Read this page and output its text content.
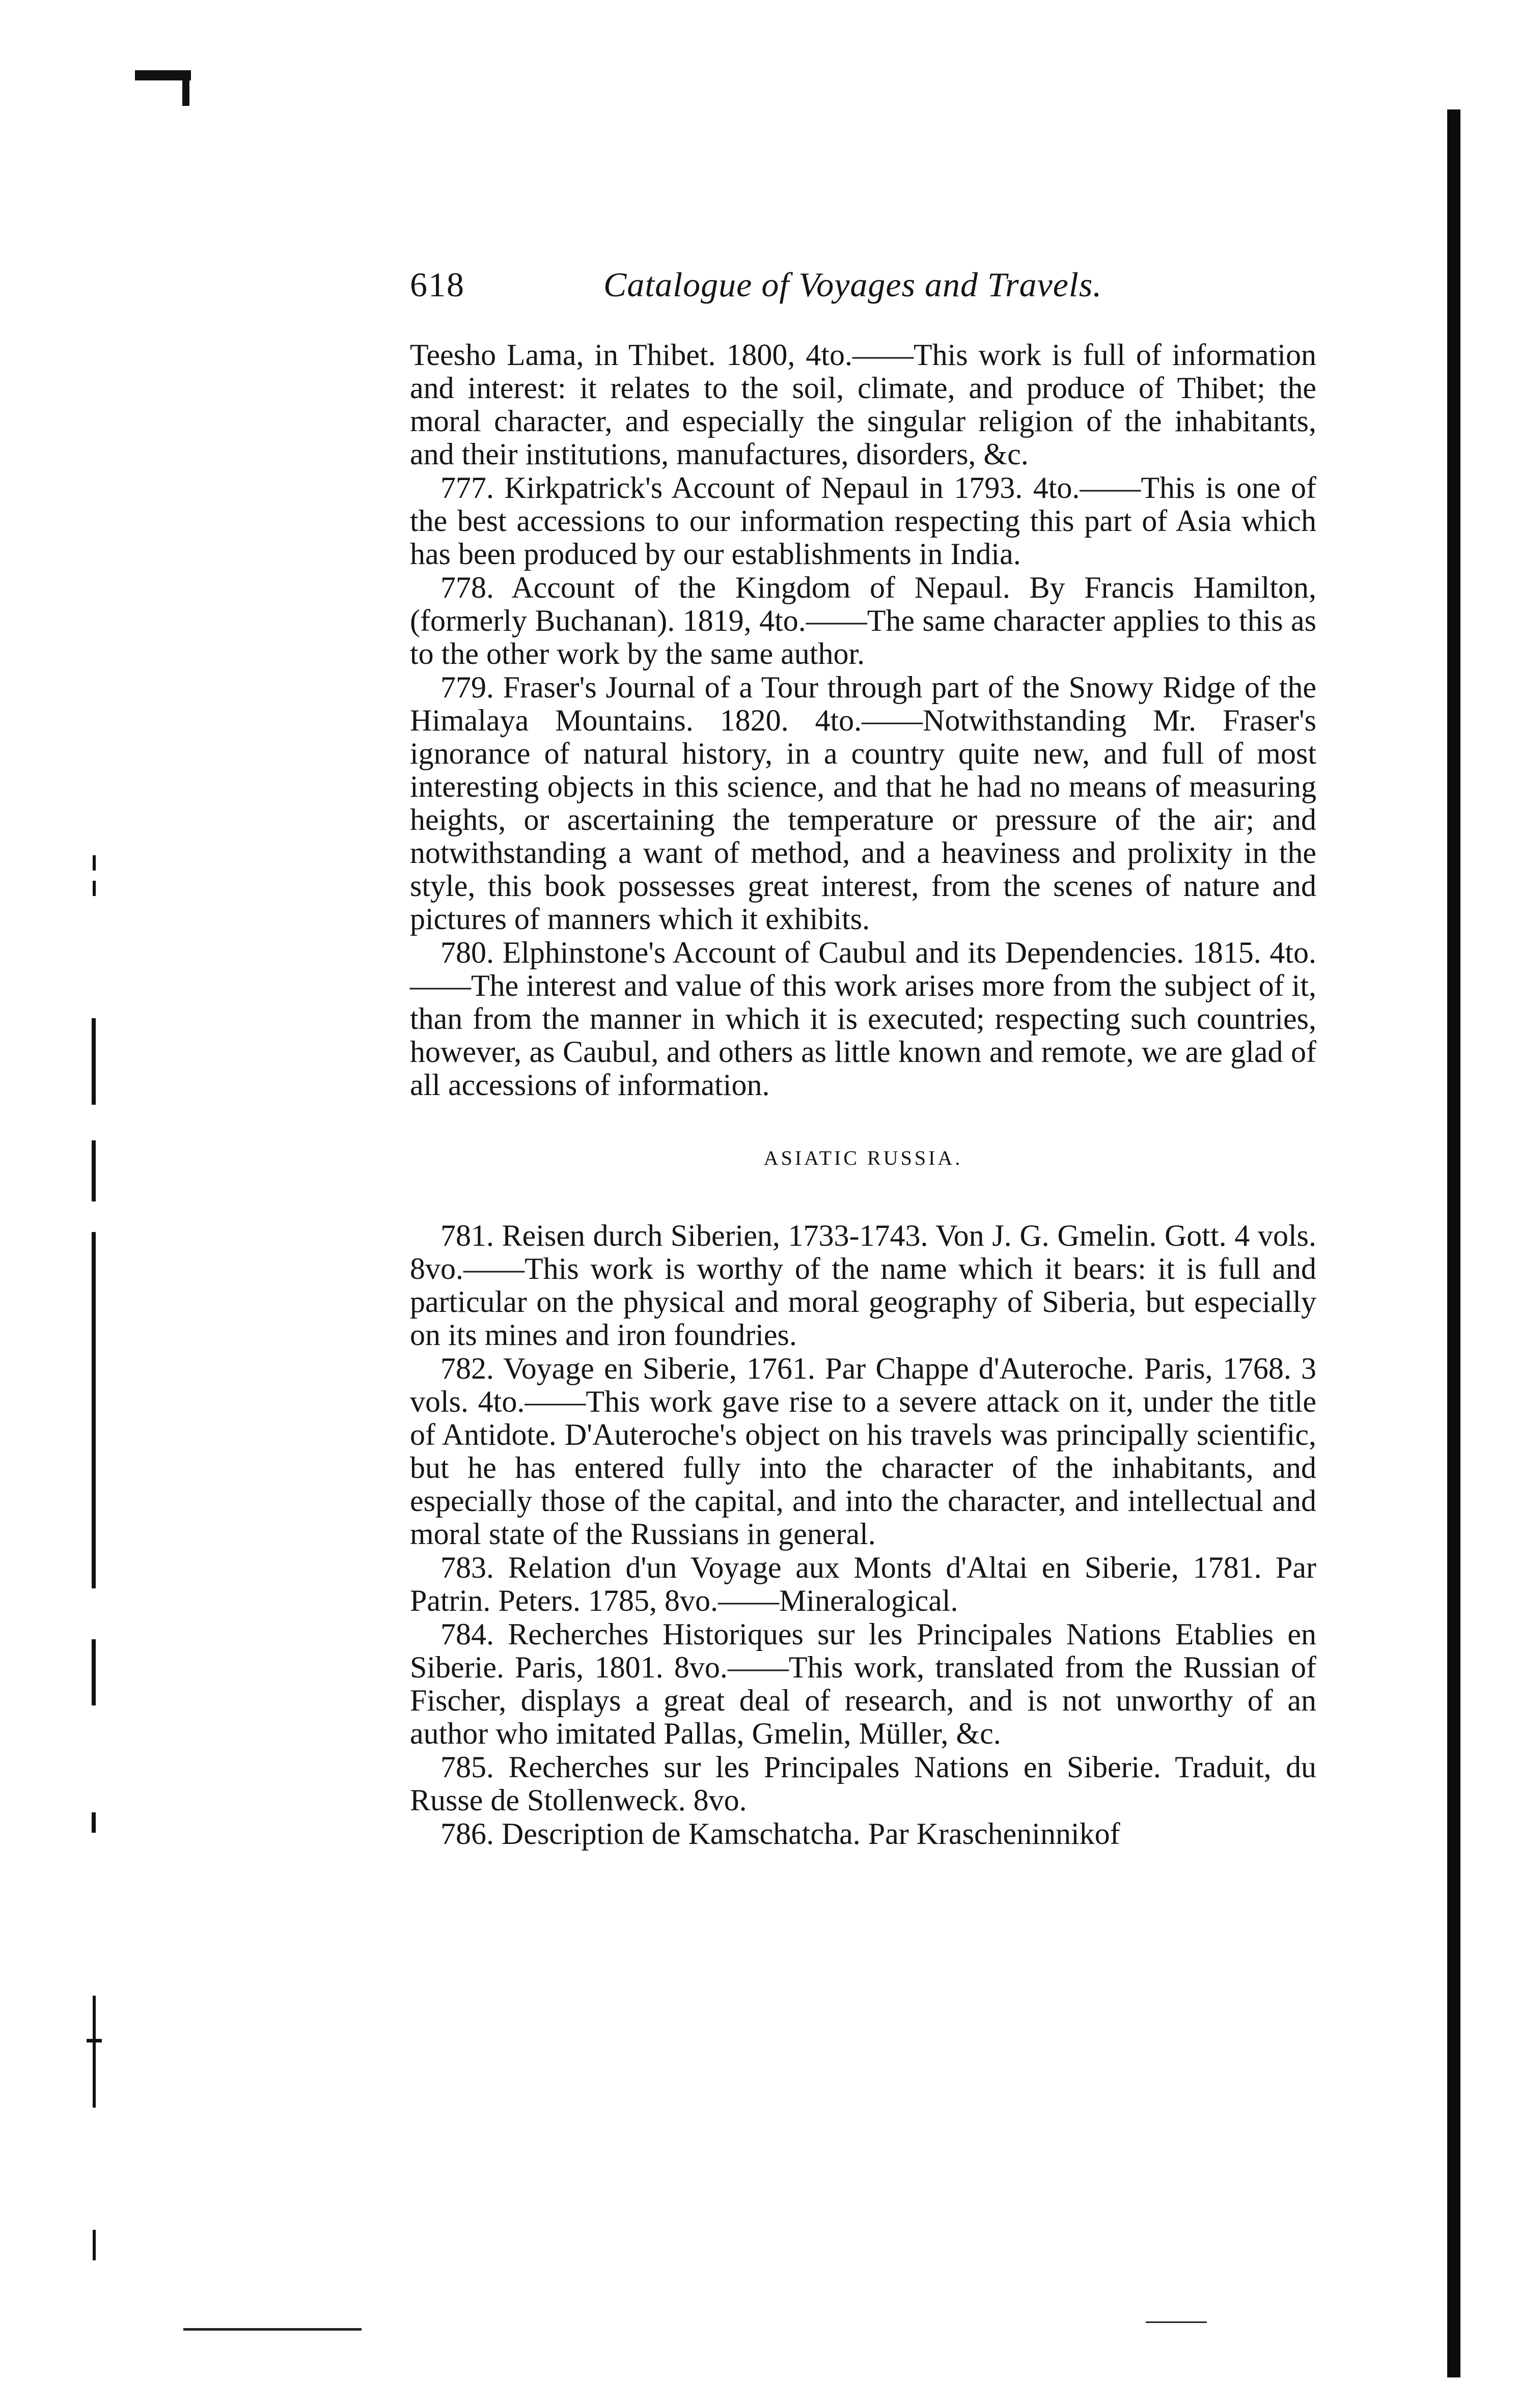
618	Catalogue of Voyages and Travels.

Teesho Lama, in Thibet. 1800, 4to.——This work is full of information and interest: it relates to the soil, climate, and produce of Thibet; the moral character, and especially the singular religion of the inhabitants, and their institutions, manufactures, disorders, &c.

777. Kirkpatrick's Account of Nepaul in 1793. 4to.——This is one of the best accessions to our information respecting this part of Asia which has been produced by our establishments in India.

778. Account of the Kingdom of Nepaul. By Francis Hamilton, (formerly Buchanan). 1819, 4to.——The same character applies to this as to the other work by the same author.

779. Fraser's Journal of a Tour through part of the Snowy Ridge of the Himalaya Mountains. 1820. 4to.——Notwithstanding Mr. Fraser's ignorance of natural history, in a country quite new, and full of most interesting objects in this science, and that he had no means of measuring heights, or ascertaining the temperature or pressure of the air; and notwithstanding a want of method, and a heaviness and prolixity in the style, this book possesses great interest, from the scenes of nature and pictures of manners which it exhibits.

780. Elphinstone's Account of Caubul and its Dependencies. 1815. 4to.——The interest and value of this work arises more from the subject of it, than from the manner in which it is executed; respecting such countries, however, as Caubul, and others as little known and remote, we are glad of all accessions of information.

ASIATIC RUSSIA.

781. Reisen durch Siberien, 1733-1743. Von J. G. Gmelin. Gott. 4 vols. 8vo.——This work is worthy of the name which it bears: it is full and particular on the physical and moral geography of Siberia, but especially on its mines and iron foundries.

782. Voyage en Siberie, 1761. Par Chappe d'Auteroche. Paris, 1768. 3 vols. 4to.——This work gave rise to a severe attack on it, under the title of Antidote. D'Auteroche's object on his travels was principally scientific, but he has entered fully into the character of the inhabitants, and especially those of the capital, and into the character, and intellectual and moral state of the Russians in general.

783. Relation d'un Voyage aux Monts d'Altai en Siberie, 1781. Par Patrin. Peters. 1785, 8vo.——Mineralogical.

784. Recherches Historiques sur les Principales Nations Etablies en Siberie. Paris, 1801. 8vo.——This work, translated from the Russian of Fischer, displays a great deal of research, and is not unworthy of an author who imitated Pallas, Gmelin, Müller, &c.

785. Recherches sur les Principales Nations en Siberie. Traduit, du Russe de Stollenweck. 8vo.

786. Description de Kamschatcha. Par Krascheninnikof
